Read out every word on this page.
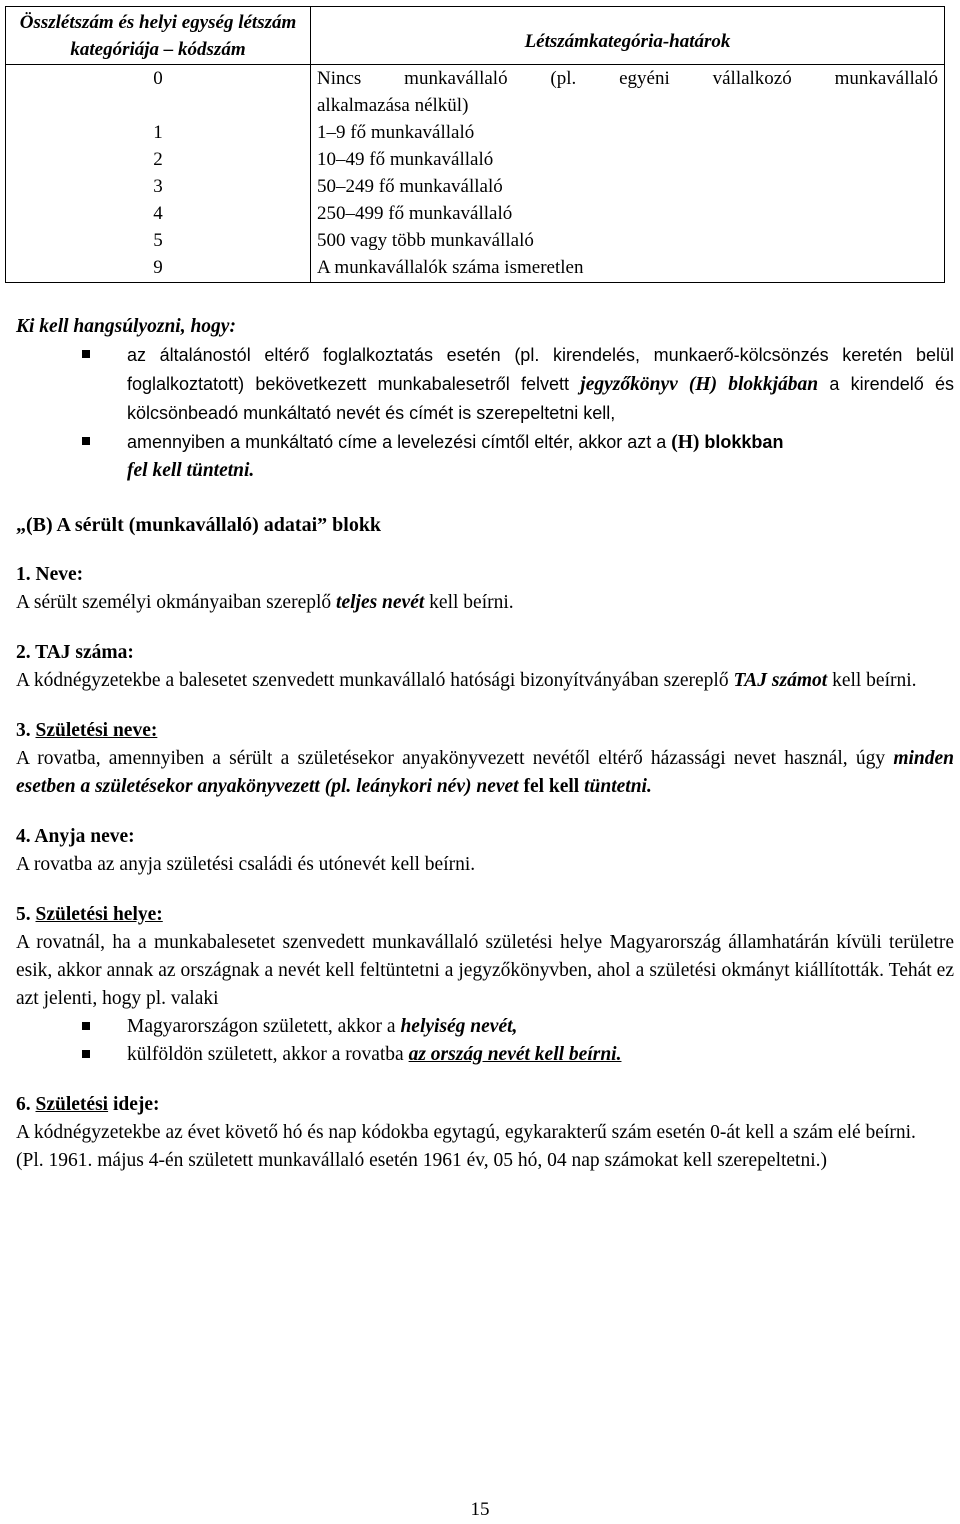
Összlétszám és helyi egység létszám kategóriája – kódszám	Létszámkategória-határok
0	Nincs munkavállaló (pl. egyéni vállalkozó munkavállaló
alkalmazása nélkül)

1	1–9 fő munkavállaló
2	10–49 fő munkavállaló
3	50–249 fő munkavállaló
4	250–499 fő munkavállaló
5	500 vagy több munkavállaló
9	A munkavállalók száma ismeretlen
Ki kell hangsúlyozni, hogy:
az általánostól eltérő foglalkoztatás esetén (pl. kirendelés, munkaerő-kölcsönzés keretén belül foglalkoztatott) bekövetkezett munkabalesetről felvett jegyzőkönyv (H) blokkjában a kirendelő és kölcsönbeadó munkáltató nevét és címét is szerepeltetni kell,
amennyiben a munkáltató címe a levelezési címtől eltér, akkor azt a (H) blokkban
fel kell tüntetni.
„(B) A sérült (munkavállaló) adatai” blokk
1. Neve:

A sérült személyi okmányaiban szereplő teljes nevét kell beírni.

2. TAJ száma:

A kódnégyzetekbe a balesetet szenvedett munkavállaló hatósági bizonyítványában szereplő TAJ számot kell beírni.

3. Születési neve:

A rovatba, amennyiben a sérült a születésekor anyakönyvezett nevétől eltérő házassági nevet használ, úgy minden esetben a születésekor anyakönyvezett (pl. leánykori név) nevet fel kell tüntetni.

4. Anyja neve:

A rovatba az anyja születési családi és utónevét kell beírni.

5. Születési helye:

A rovatnál, ha a munkabalesetet szenvedett munkavállaló születési helye Magyarország államhatárán kívüli területre esik, akkor annak az országnak a nevét kell feltüntetni a jegyzőkönyvben, ahol a születési okmányt kiállították. Tehát ez azt jelenti, hogy pl. valaki

Magyarországon született, akkor a helyiség nevét,
külföldön született, akkor a rovatba az ország nevét kell beírni.
6. Születési ideje:

A kódnégyzetekbe az évet követő hó és nap kódokba egytagú, egykarakterű szám esetén 0-át kell a szám elé beírni.

(Pl. 1961. május 4-én született munkavállaló esetén 1961 év, 05 hó, 04 nap számokat kell szerepeltetni.)

15
